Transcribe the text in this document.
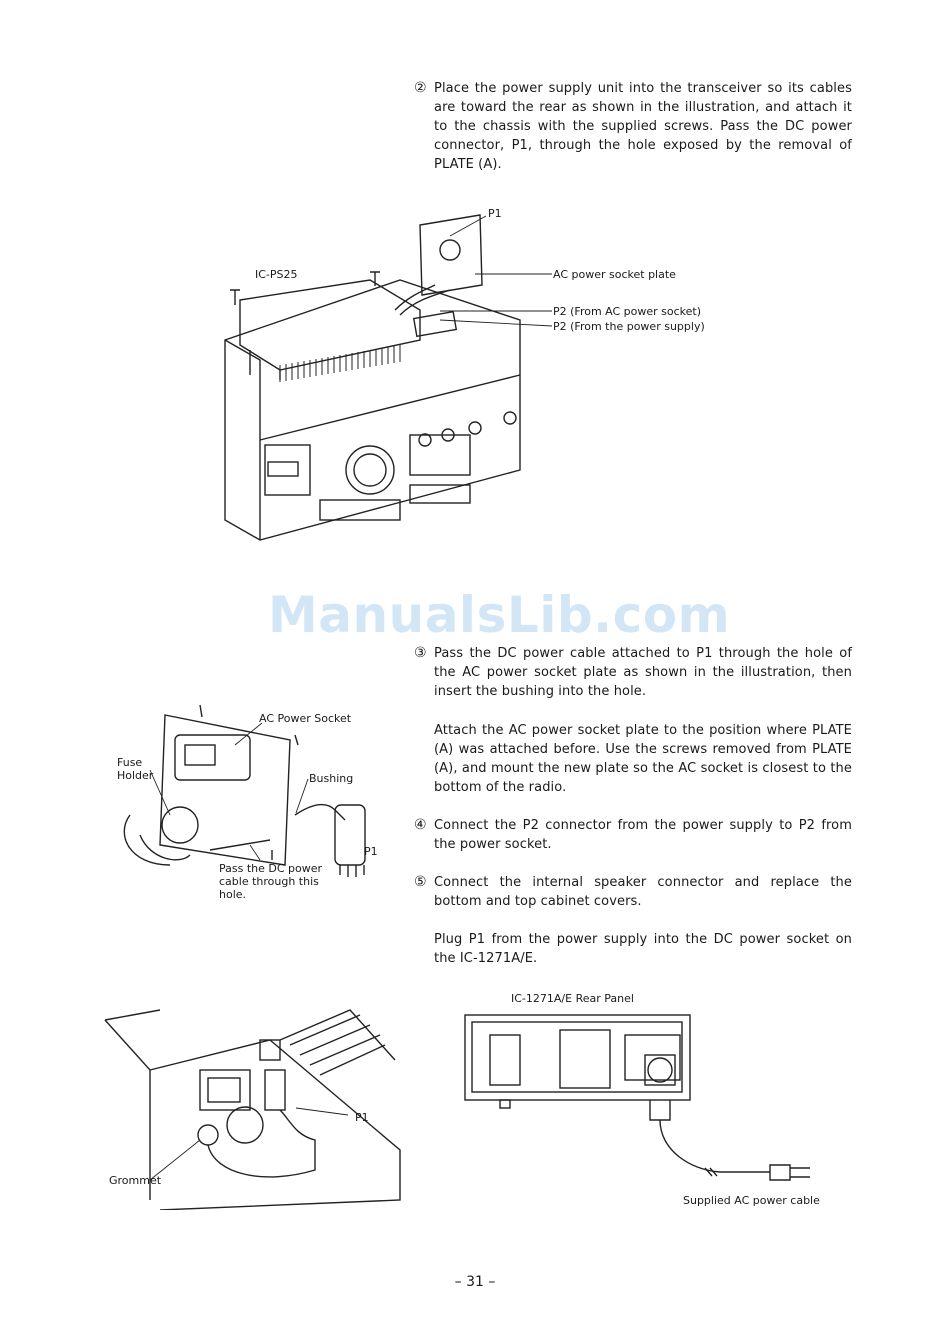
② Place the power supply unit into the transceiver so its cables are toward the rear as shown in the illustration, and attach it to the chassis with the supplied screws. Pass the DC power connector, P1, through the hole exposed by the removal of PLATE (A).
P1
IC-PS25	AC power socket plate
P2 (From AC power socket)
P2 (From the power supply)
ManualsLib.com
③ Pass the DC power cable attached to P1 through the hole of the AC power socket plate as shown in the illustration, then insert the bushing into the hole.
Attach the AC power socket plate to the position where PLATE (A) was attached before. Use the screws removed from PLATE (A), and mount the new plate so the AC socket is closest to the bottom of the radio.
④ Connect the P2 connector from the power supply to P2 from the power socket.
⑤ Connect the internal speaker connector and replace the bottom and top cabinet covers.
Plug P1 from the power supply into the DC power socket on the IC-1271A/E.
AC Power Socket
Fuse
Holder	Bushing
P1
Pass the DC power
cable through this
hole.
P1
Grommet
IC-1271A/E Rear Panel
Supplied AC power cable
– 31 –
